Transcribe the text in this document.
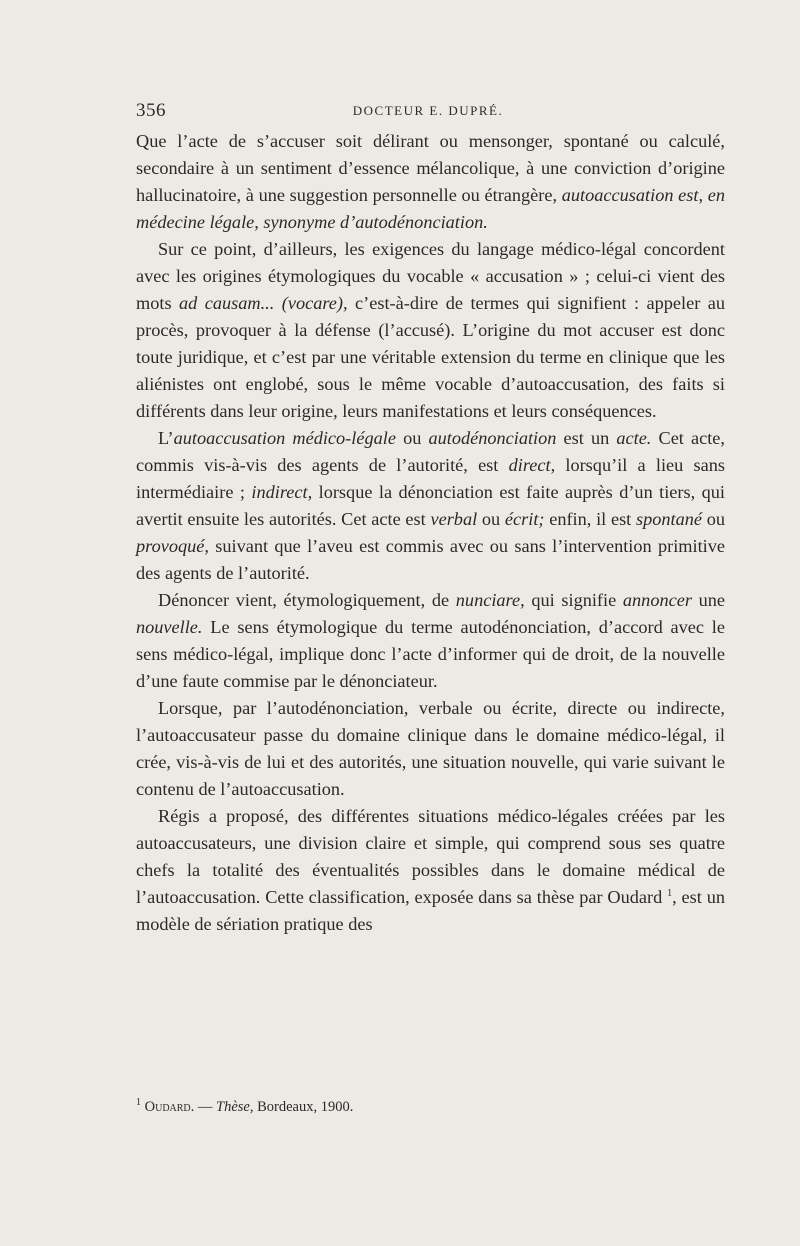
356	DOCTEUR E. DUPRÉ.

Que l’acte de s’accuser soit délirant ou mensonger, spontané ou calculé, secondaire à un sentiment d’essence mélancolique, à une conviction d’origine hallucinatoire, à une suggestion personnelle ou étrangère, autoaccusation est, en médecine légale, synonyme d’autodénonciation.

Sur ce point, d’ailleurs, les exigences du langage médico-légal concordent avec les origines étymologiques du vocable « accusation » ; celui-ci vient des mots ad causam... (vocare), c’est-à-dire de termes qui signifient : appeler au procès, provoquer à la défense (l’accusé). L’origine du mot accuser est donc toute juridique, et c’est par une véritable extension du terme en clinique que les aliénistes ont englobé, sous le même vocable d’autoaccusation, des faits si différents dans leur origine, leurs manifestations et leurs conséquences.

L’autoaccusation médico-légale ou autodénonciation est un acte. Cet acte, commis vis-à-vis des agents de l’autorité, est direct, lorsqu’il a lieu sans intermédiaire ; indirect, lorsque la dénonciation est faite auprès d’un tiers, qui avertit ensuite les autorités. Cet acte est verbal ou écrit; enfin, il est spontané ou provoqué, suivant que l’aveu est commis avec ou sans l’intervention primitive des agents de l’autorité.

Dénoncer vient, étymologiquement, de nunciare, qui signifie annoncer une nouvelle. Le sens étymologique du terme autodénonciation, d’accord avec le sens médico-légal, implique donc l’acte d’informer qui de droit, de la nouvelle d’une faute commise par le dénonciateur.

Lorsque, par l’autodénonciation, verbale ou écrite, directe ou indirecte, l’autoaccusateur passe du domaine clinique dans le domaine médico-légal, il crée, vis-à-vis de lui et des autorités, une situation nouvelle, qui varie suivant le contenu de l’autoaccusation.

Régis a proposé, des différentes situations médico-légales créées par les autoaccusateurs, une division claire et simple, qui comprend sous ses quatre chefs la totalité des éventualités possibles dans le domaine médical de l’autoaccusation. Cette classification, exposée dans sa thèse par Oudard $^1$, est un modèle de sériation pratique des

$^1$ Oudard. — Thèse, Bordeaux, 1900.
